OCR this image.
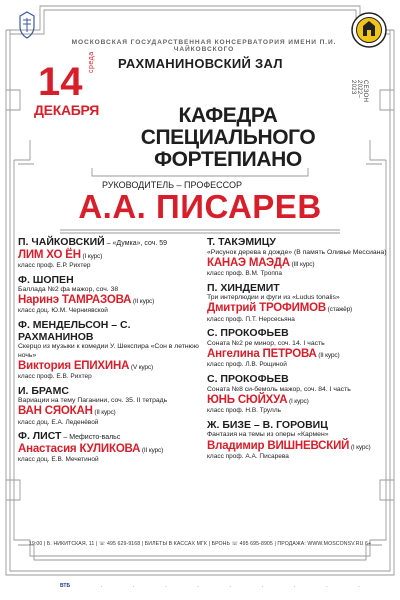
МОСКОВСКАЯ ГОСУДАРСТВЕННАЯ КОНСЕРВАТОРИЯ ИМЕНИ П.И. ЧАЙКОВСКОГО
14 среда
ДЕКАБРЯ
СЕЗОН 2022–2023
РАХМАНИНОВСКИЙ ЗАЛ
КАФЕДРА
СПЕЦИАЛЬНОГО ФОРТЕПИАНО
РУКОВОДИТЕЛЬ – ПРОФЕССОР
А.А. ПИСАРЕВ
П. ЧАЙКОВСКИЙ – «Думка», соч. 59
ЛИМ ХО ЁН (I курс)
класс проф. Е.Р. Рихтер
Ф. ШОПЕН
Баллада №2 фа мажор, соч. 38
Наринэ ТАМРАЗОВА (II курс)
класс доц. Ю.М. Черниявской
Ф. МЕНДЕЛЬСОН – С. РАХМАНИНОВ
Скерцо из музыки к комедии У. Шекспира «Сон в летнюю ночь»
Виктория ЕПИХИНА (V курс)
класс проф. Е.В. Рихтер
И. БРАМС
Вариации на тему Паганини, соч. 35. II тетрадь
ВАН СЯОКАН (II курс)
класс доц. Е.А. Леденёвой
Ф. ЛИСТ – Мефисто-вальс
Анастасия КУЛИКОВА (II курс)
класс доц. Е.В. Мечетиной
Т. ТАКЭМИЦУ
«Рисунок дерева в дожде» (В память Оливье Мессиана)
КАНАЭ МАЭДА (III курс)
класс проф. В.М. Троппа
П. ХИНДЕМИТ
Три интерлюдии и фуги из «Ludus tonalis»
Дмитрий ТРОФИМОВ (стажёр)
класс проф. П.Т. Нерсесьяна
С. ПРОКОФЬЕВ
Соната №2 ре минор, соч. 14. I часть
Ангелина ПЕТРОВА (II курс)
класс проф. Л.В. Рощиной
С. ПРОКОФЬЕВ
Соната №8 си-бемоль мажор, соч. 84. I часть
ЮНЬ СЮЙХУА (I курс)
класс проф. Н.В. Трулль
Ж. БИЗЕ – В. ГОРОВИЦ
Фантазия на темы из оперы «Кармен»
Владимир ВИШНЕВСКИЙ (I курс)
класс проф. А.А. Писарева
19:00 | Б. НИКИТСКАЯ, 11 | ☏ 495 629-9168 | БИЛЕТЫ В КАССАХ МГК | БРОНЬ ☏ 495 695-8905 | ПРОДАЖА: WWW.MOSCONSV.RU 6+
ВТБ	·	·	·	·	·	·	·	·	·
